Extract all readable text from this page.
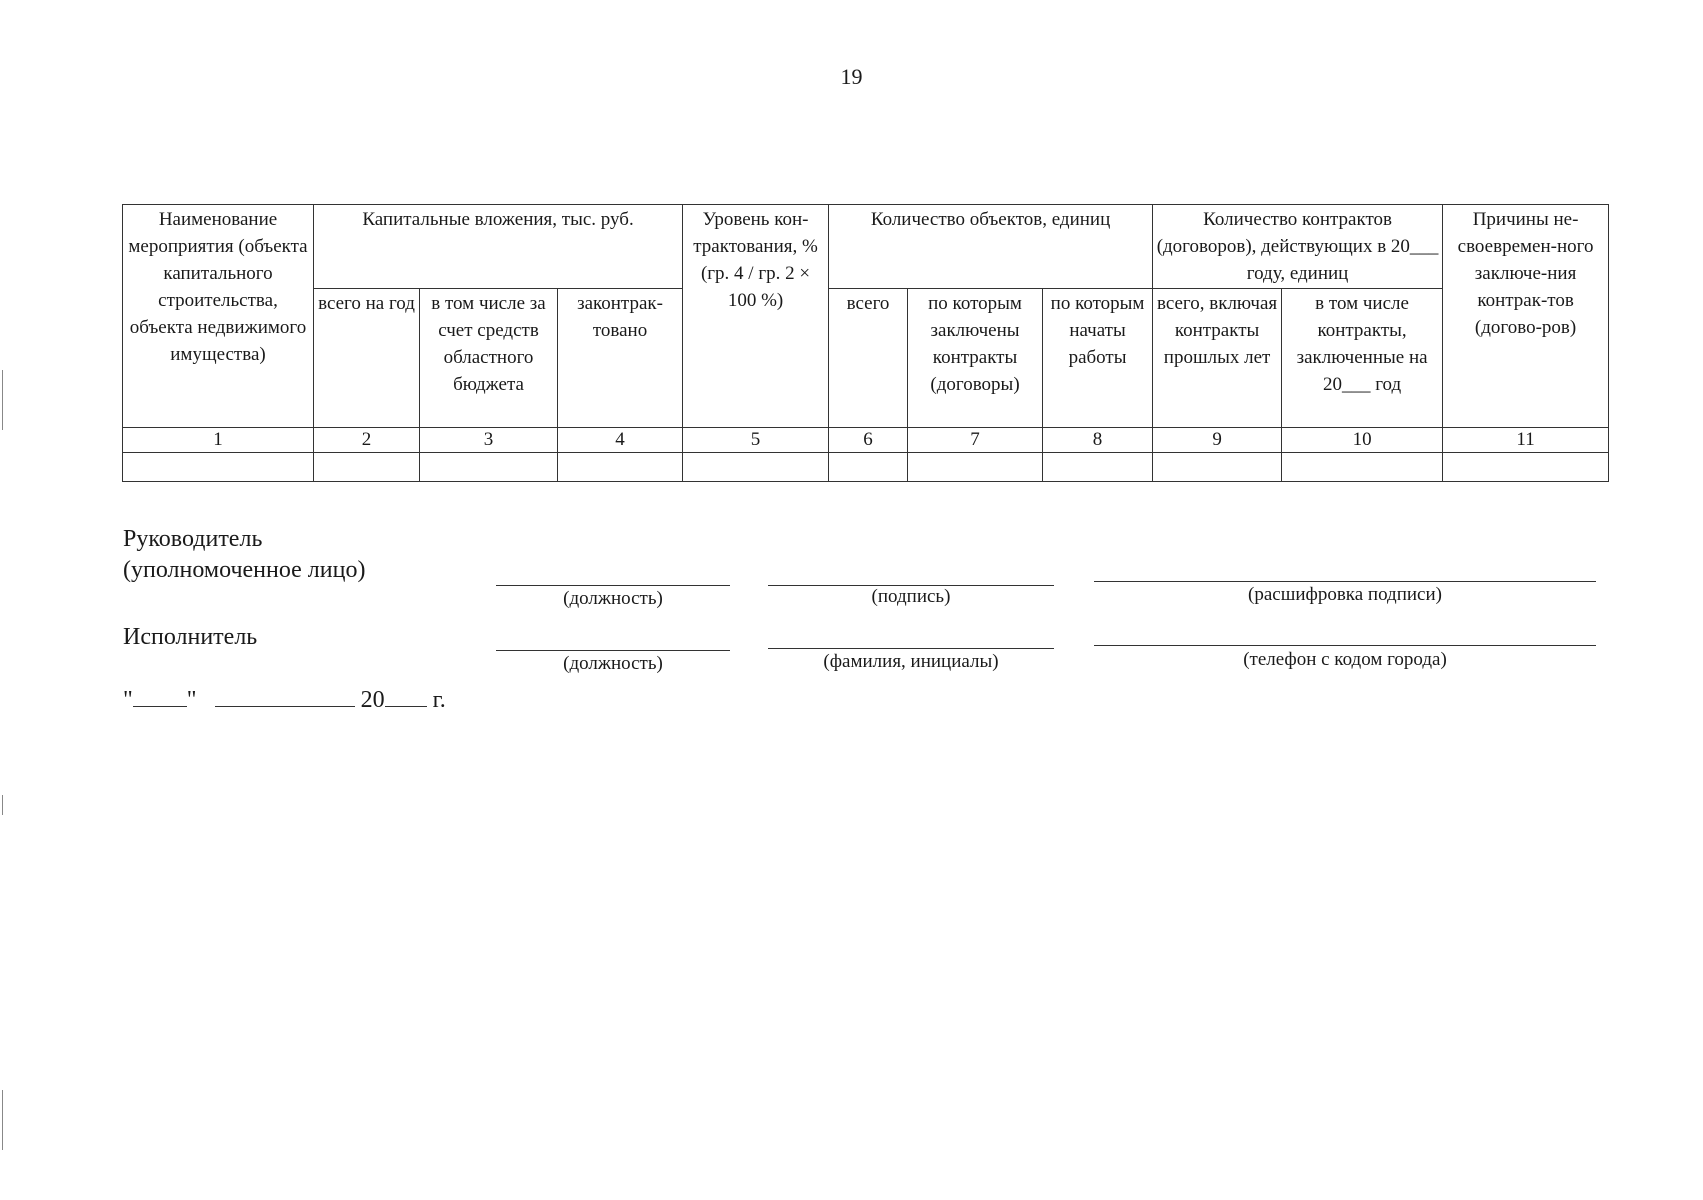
19
Наименование мероприятия (объекта капитального строительства, объекта недвижимого имущества)	Капитальные вложения, тыс. руб.			Уровень кон-трактования, % (гр. 4 / гр. 2 × 100 %)	Количество объектов, единиц			Количество контрактов (договоров), действующих в 20___ году, единиц		Причины не-своевремен-ного заключе-ния контрак-тов (догово-ров)
	всего на год	в том числе за счет средств областного бюджета	законтрак-товано		всего	по которым заключены контракты (договоры)	по которым начаты работы	всего, включая контракты прошлых лет	в том числе контракты, заключенные на 20___ год	
1	2	3	4	5	6	7	8	9	10	11

Руководитель
(уполномоченное лицо)
(должность)	(подпись)	(расшифровка подписи)
Исполнитель
(должность)	(фамилия, инициалы)	(телефон с кодом города)
" "	20 г.
